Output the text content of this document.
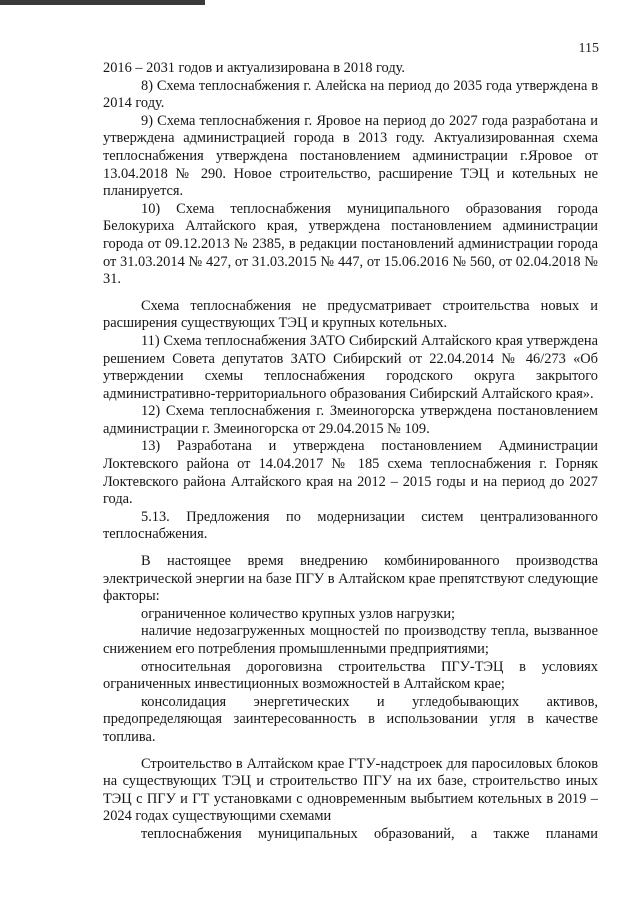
115

2016 – 2031 годов и актуализирована в 2018 году.

8) Схема теплоснабжения г. Алейска на период до 2035 года утверждена в 2014 году.

9) Схема теплоснабжения г. Яровое на период до 2027 года разработана и утверждена администрацией города в 2013 году. Актуализированная схема теплоснабжения утверждена постановлением администрации г.Яровое от 13.04.2018 № 290. Новое строительство, расширение ТЭЦ и котельных не планируется.

10) Схема теплоснабжения муниципального образования города Белокуриха Алтайского края, утверждена постановлением администрации города от 09.12.2013 № 2385, в редакции постановлений администрации города от 31.03.2014 № 427, от 31.03.2015 № 447, от 15.06.2016 № 560, от 02.04.2018 № 31.

Схема теплоснабжения не предусматривает строительства новых и расширения существующих ТЭЦ и крупных котельных.

11) Схема теплоснабжения ЗАТО Сибирский Алтайского края утверждена решением Совета депутатов ЗАТО Сибирский от 22.04.2014 № 46/273 «Об утверждении схемы теплоснабжения городского округа закрытого административно-территориального образования Сибирский Алтайского края».

12) Схема теплоснабжения г. Змеиногорска утверждена постановлением администрации г. Змеиногорска от 29.04.2015 № 109.

13) Разработана и утверждена постановлением Администрации Локтевского района от 14.04.2017 № 185 схема теплоснабжения г. Горняк Локтевского района Алтайского края на 2012 – 2015 годы и на период до 2027 года.

5.13. Предложения по модернизации систем централизованного теплоснабжения.

В настоящее время внедрению комбинированного производства электрической энергии на базе ПГУ в Алтайском крае препятствуют следующие факторы:

ограниченное количество крупных узлов нагрузки;

наличие недозагруженных мощностей по производству тепла, вызванное снижением его потребления промышленными предприятиями;

относительная дороговизна строительства ПГУ-ТЭЦ в условиях ограниченных инвестиционных возможностей в Алтайском крае;

консолидация энергетических и угледобывающих активов, предопределяющая заинтересованность в использовании угля в качестве топлива.

Строительство в Алтайском крае ГТУ-надстроек для паросиловых блоков на существующих ТЭЦ и строительство ПГУ на их базе, строительство иных ТЭЦ с ПГУ и ГТ установками с одновременным выбытием котельных в 2019 – 2024 годах существующими схемами
теплоснабжения муниципальных образований, а также планами
